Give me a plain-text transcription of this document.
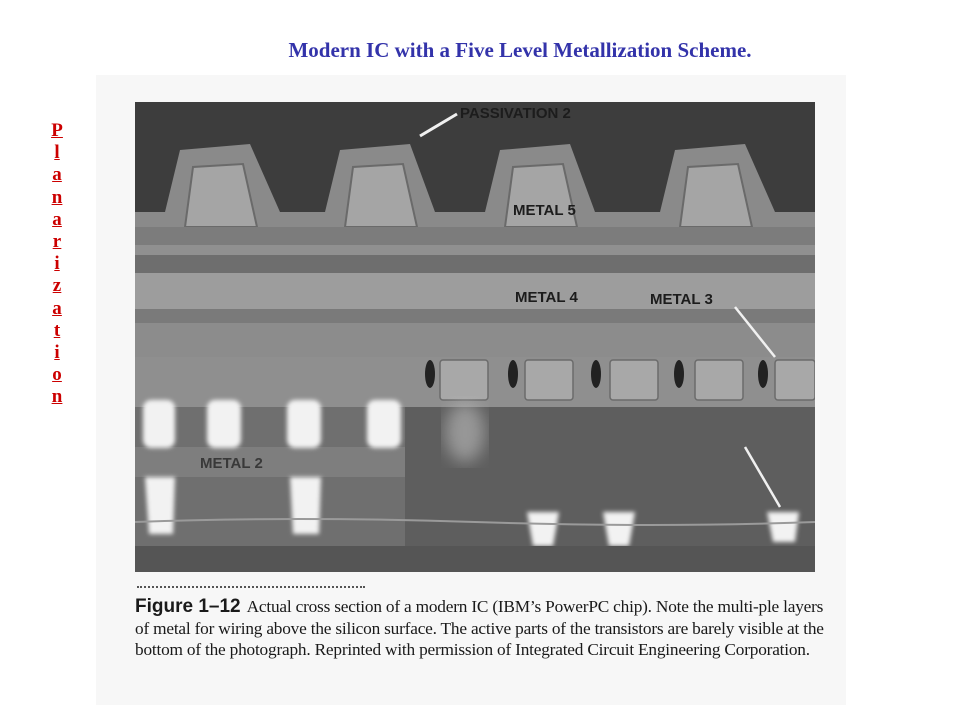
Modern IC with a Five Level Metallization Scheme.
P
l
a
n
a
r
i
z
a
t
i
o
n
PASSIVATION 2
METAL 5
METAL 4	METAL 3
METAL 2
Figure 1–12 Actual cross section of a modern IC (IBM’s PowerPC chip). Note the multi-ple layers of metal for wiring above the silicon surface. The active parts of the transistors are barely visible at the bottom of the photograph. Reprinted with permission of Integrated Circuit Engineering Corporation.
